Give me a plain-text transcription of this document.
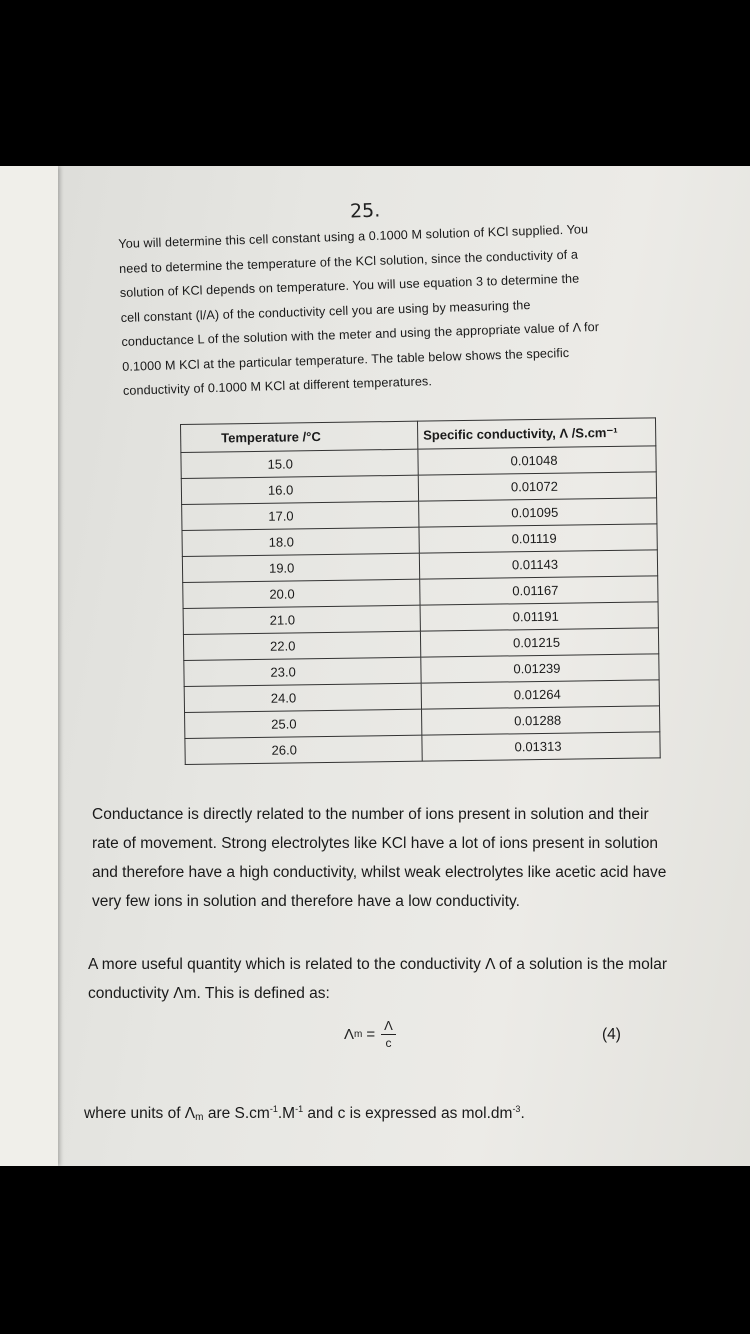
25.

You will determine this cell constant using a 0.1000 M solution of KCl supplied. You

need to determine the temperature of the KCl solution, since the conductivity of a

solution of KCl depends on temperature. You will use equation 3 to determine the

cell constant (l/A) of the conductivity cell you are using by measuring the

conductance L of the solution with the meter and using the appropriate value of Λ for

0.1000 M KCl at the particular temperature. The table below shows the specific

conductivity of 0.1000 M KCl at different temperatures.

Temperature /°C	Specific conductivity, Λ /S.cm⁻¹
15.0	0.01048
16.0	0.01072
17.0	0.01095
18.0	0.01119
19.0	0.01143
20.0	0.01167
21.0	0.01191
22.0	0.01215
23.0	0.01239
24.0	0.01264
25.0	0.01288
26.0	0.01313

Conductance is directly related to the number of ions present in solution and their

rate of movement. Strong electrolytes like KCl have a lot of ions present in solution

and therefore have a high conductivity, whilst weak electrolytes like acetic acid have

very few ions in solution and therefore have a low conductivity.

A more useful quantity which is related to the conductivity Λ of a solution is the molar

conductivity Λm. This is defined as:

Λ $m = \frac{\Lambda}{c}$	(4)
where units of $\Lambda_m$ are $S.cm^{-1}.M^{-1}$ and c is expressed as $mol.dm^{-3}$.
